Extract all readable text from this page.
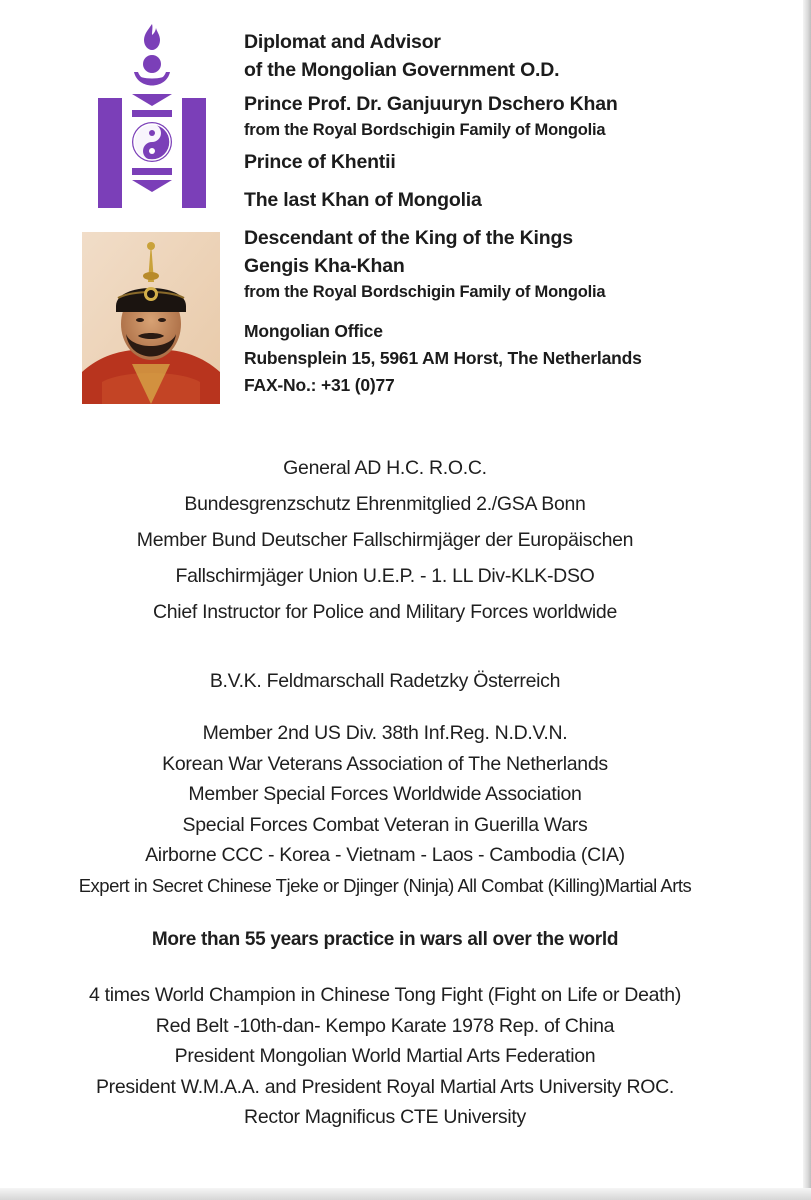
Diplomat and Advisor
of the Mongolian Government O.D.
Prince Prof. Dr. Ganjuuryn Dschero Khan
from the Royal Bordschigin Family of Mongolia
Prince of Khentii
The last Khan of Mongolia
Descendant of the King of the Kings
Gengis Kha-Khan
from the Royal Bordschigin Family of Mongolia
Mongolian Office
Rubensplein 15, 5961 AM Horst, The Netherlands
FAX-No.: +31 (0)77
General AD H.C. R.O.C.
Bundesgrenzschutz Ehrenmitglied 2./GSA Bonn
Member Bund Deutscher Fallschirmjäger der Europäischen
Fallschirmjäger Union U.E.P. - 1. LL Div-KLK-DSO
Chief Instructor for Police and Military Forces worldwide
B.V.K. Feldmarschall Radetzky Österreich
Member 2nd US Div. 38th Inf.Reg. N.D.V.N.
Korean War Veterans Association of The Netherlands
Member Special Forces Worldwide Association
Special Forces Combat Veteran in Guerilla Wars
Airborne CCC - Korea - Vietnam - Laos - Cambodia (CIA)
Expert in Secret Chinese Tjeke or Djinger (Ninja) All Combat (Killing)Martial Arts
More than 55 years practice in wars all over the world
4 times World Champion in Chinese Tong Fight (Fight on Life or Death)
Red Belt -10th-dan- Kempo Karate 1978 Rep. of China
President Mongolian World Martial Arts Federation
President W.M.A.A. and President Royal Martial Arts University ROC.
Rector Magnificus CTE University
